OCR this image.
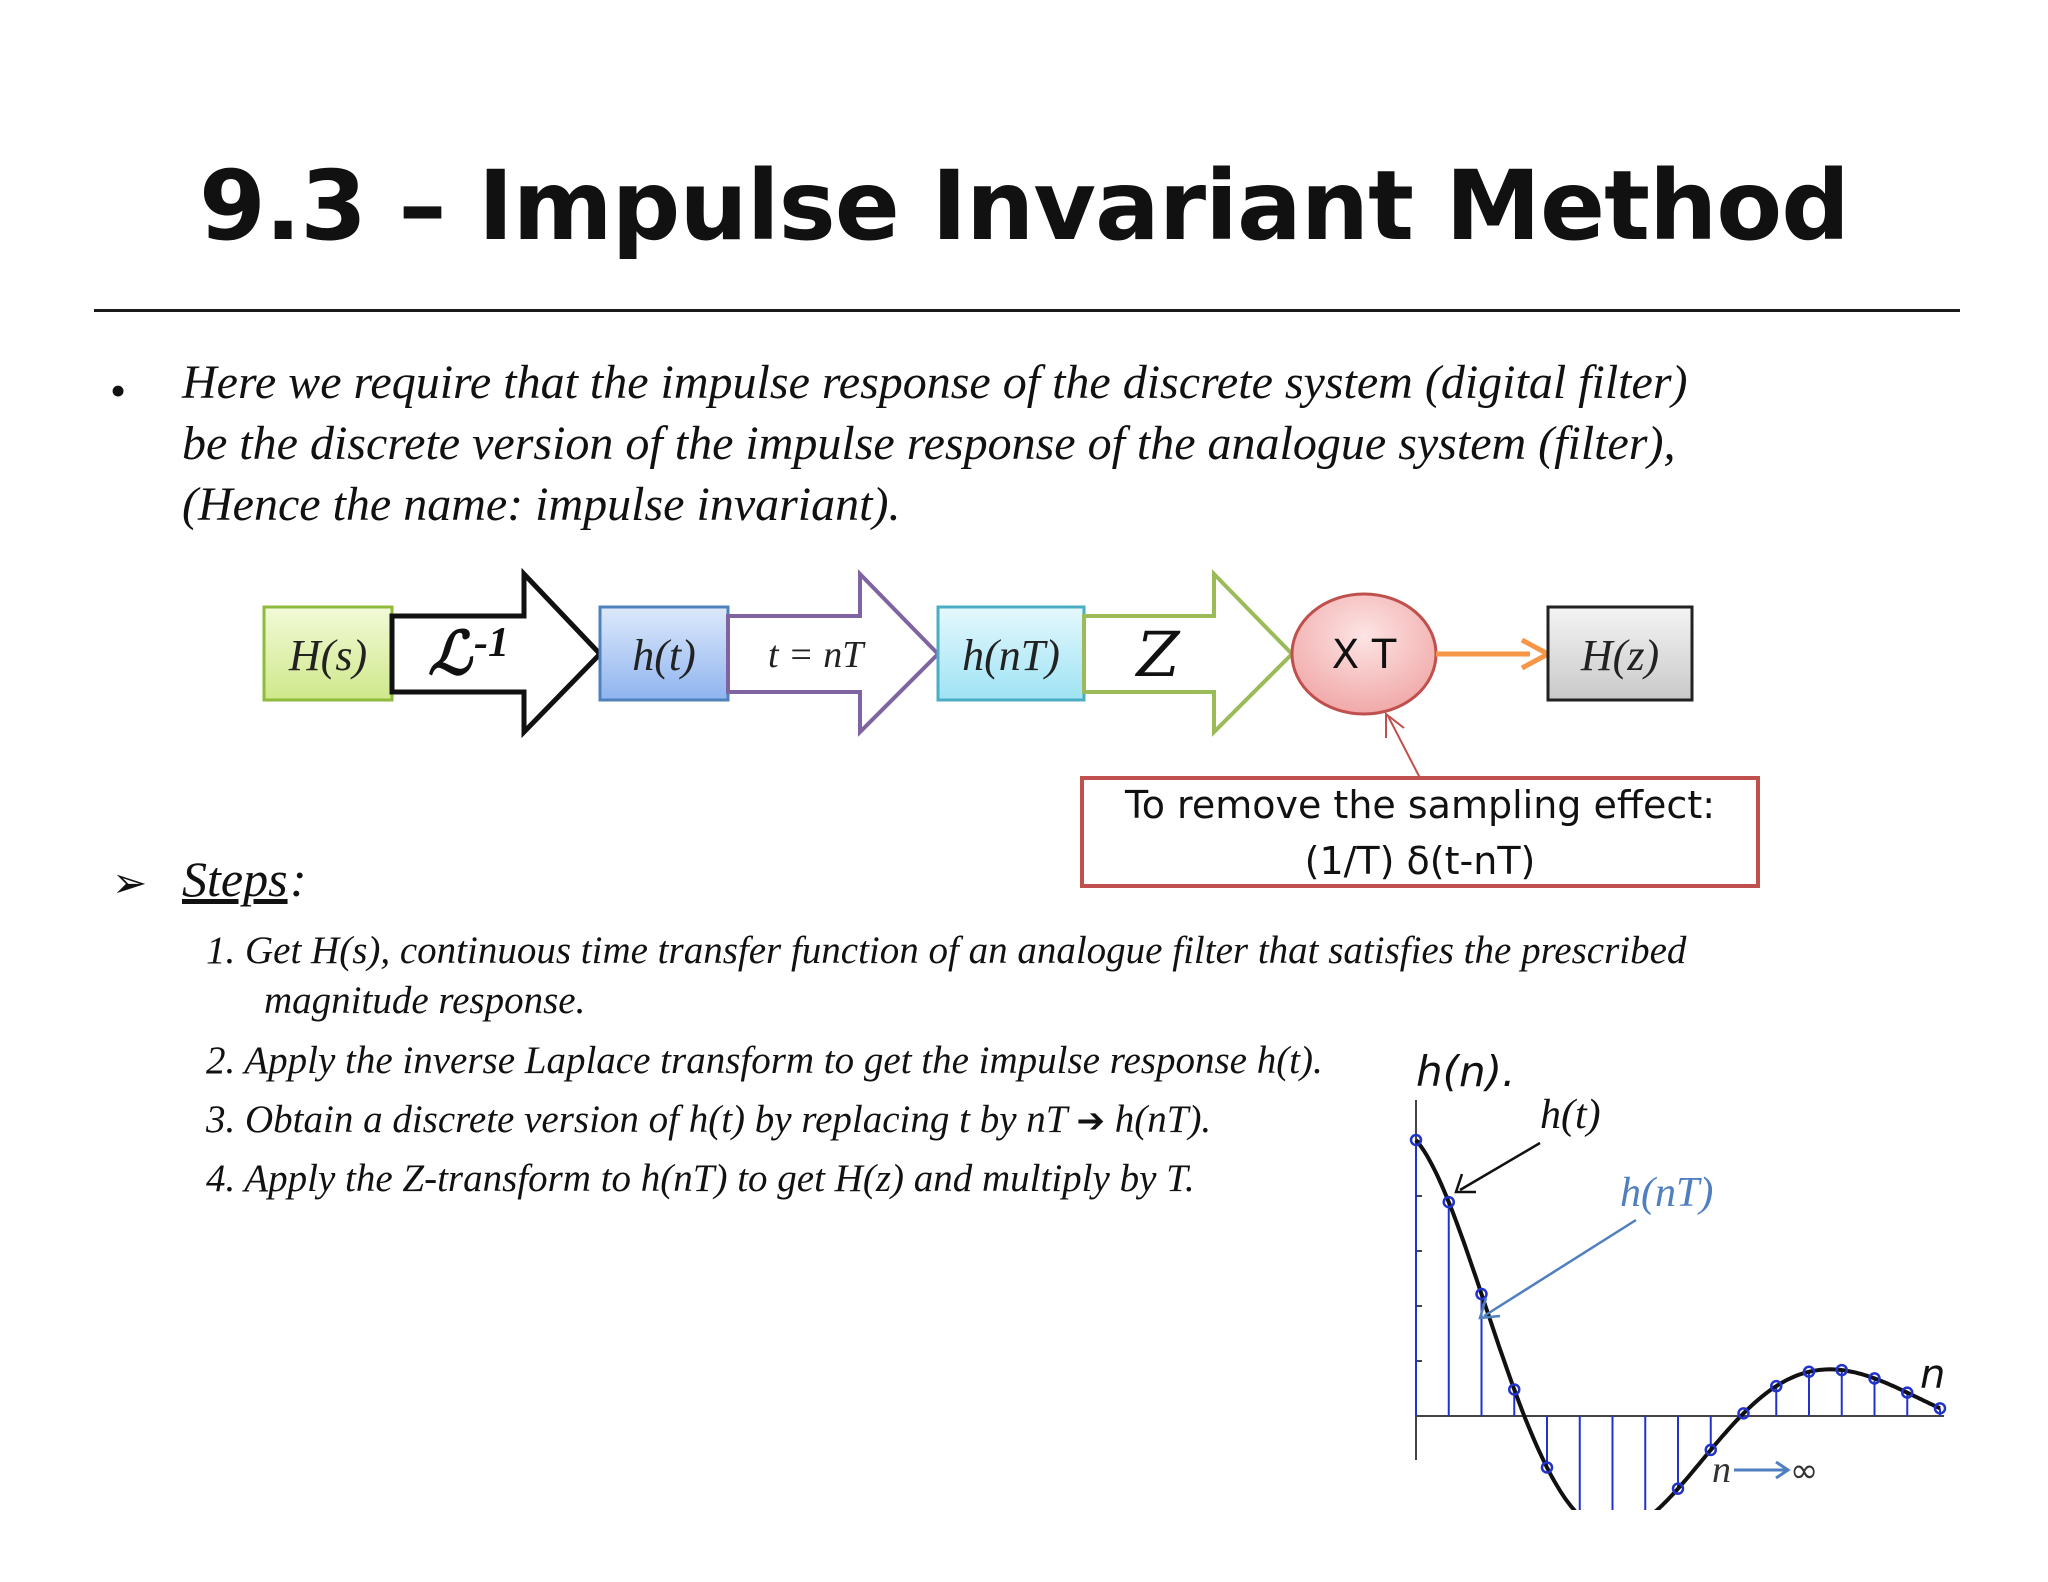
9.3 – Impulse Invariant Method
• Here we require that the impulse response of the discrete system (digital filter)
be the discrete version of the impulse response of the analogue system (filter),
(Hence the name: impulse invariant).
H(s) ℒ -1	h(t) t = nT h(nT) Z	X T	H(z)
To remove the sampling effect:
(1/T) δ(t-nT)
➢ Steps :
1. Get H(s), continuous time transfer function of an analogue filter that satisfies the prescribed
magnitude response.
2. Apply the inverse Laplace transform to get the impulse response h(t).
3. Obtain a discrete version of h(t) by replacing t by nT ➔ h(nT).
4. Apply the Z-transform to h(nT) to get H(z) and multiply by T.
h(n).
h(t)
h(nT)
n
n ∞
